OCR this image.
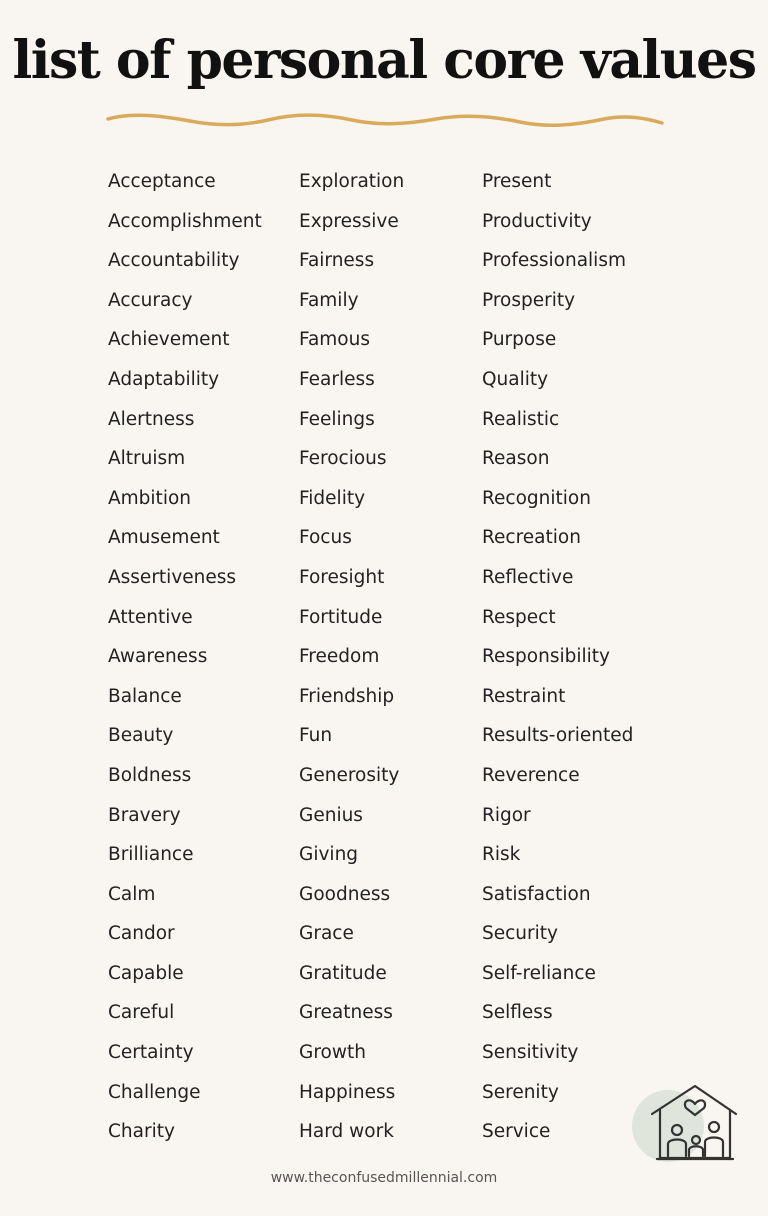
list of personal core values
Acceptance
Accomplishment
Accountability
Accuracy
Achievement
Adaptability
Alertness
Altruism
Ambition
Amusement
Assertiveness
Attentive
Awareness
Balance
Beauty
Boldness
Bravery
Brilliance
Calm
Candor
Capable
Careful
Certainty
Challenge
Charity
Exploration
Expressive
Fairness
Family
Famous
Fearless
Feelings
Ferocious
Fidelity
Focus
Foresight
Fortitude
Freedom
Friendship
Fun
Generosity
Genius
Giving
Goodness
Grace
Gratitude
Greatness
Growth
Happiness
Hard work
Present
Productivity
Professionalism
Prosperity
Purpose
Quality
Realistic
Reason
Recognition
Recreation
Reflective
Respect
Responsibility
Restraint
Results-oriented
Reverence
Rigor
Risk
Satisfaction
Security
Self-reliance
Selfless
Sensitivity
Serenity
Service
www.theconfusedmillennial.com
